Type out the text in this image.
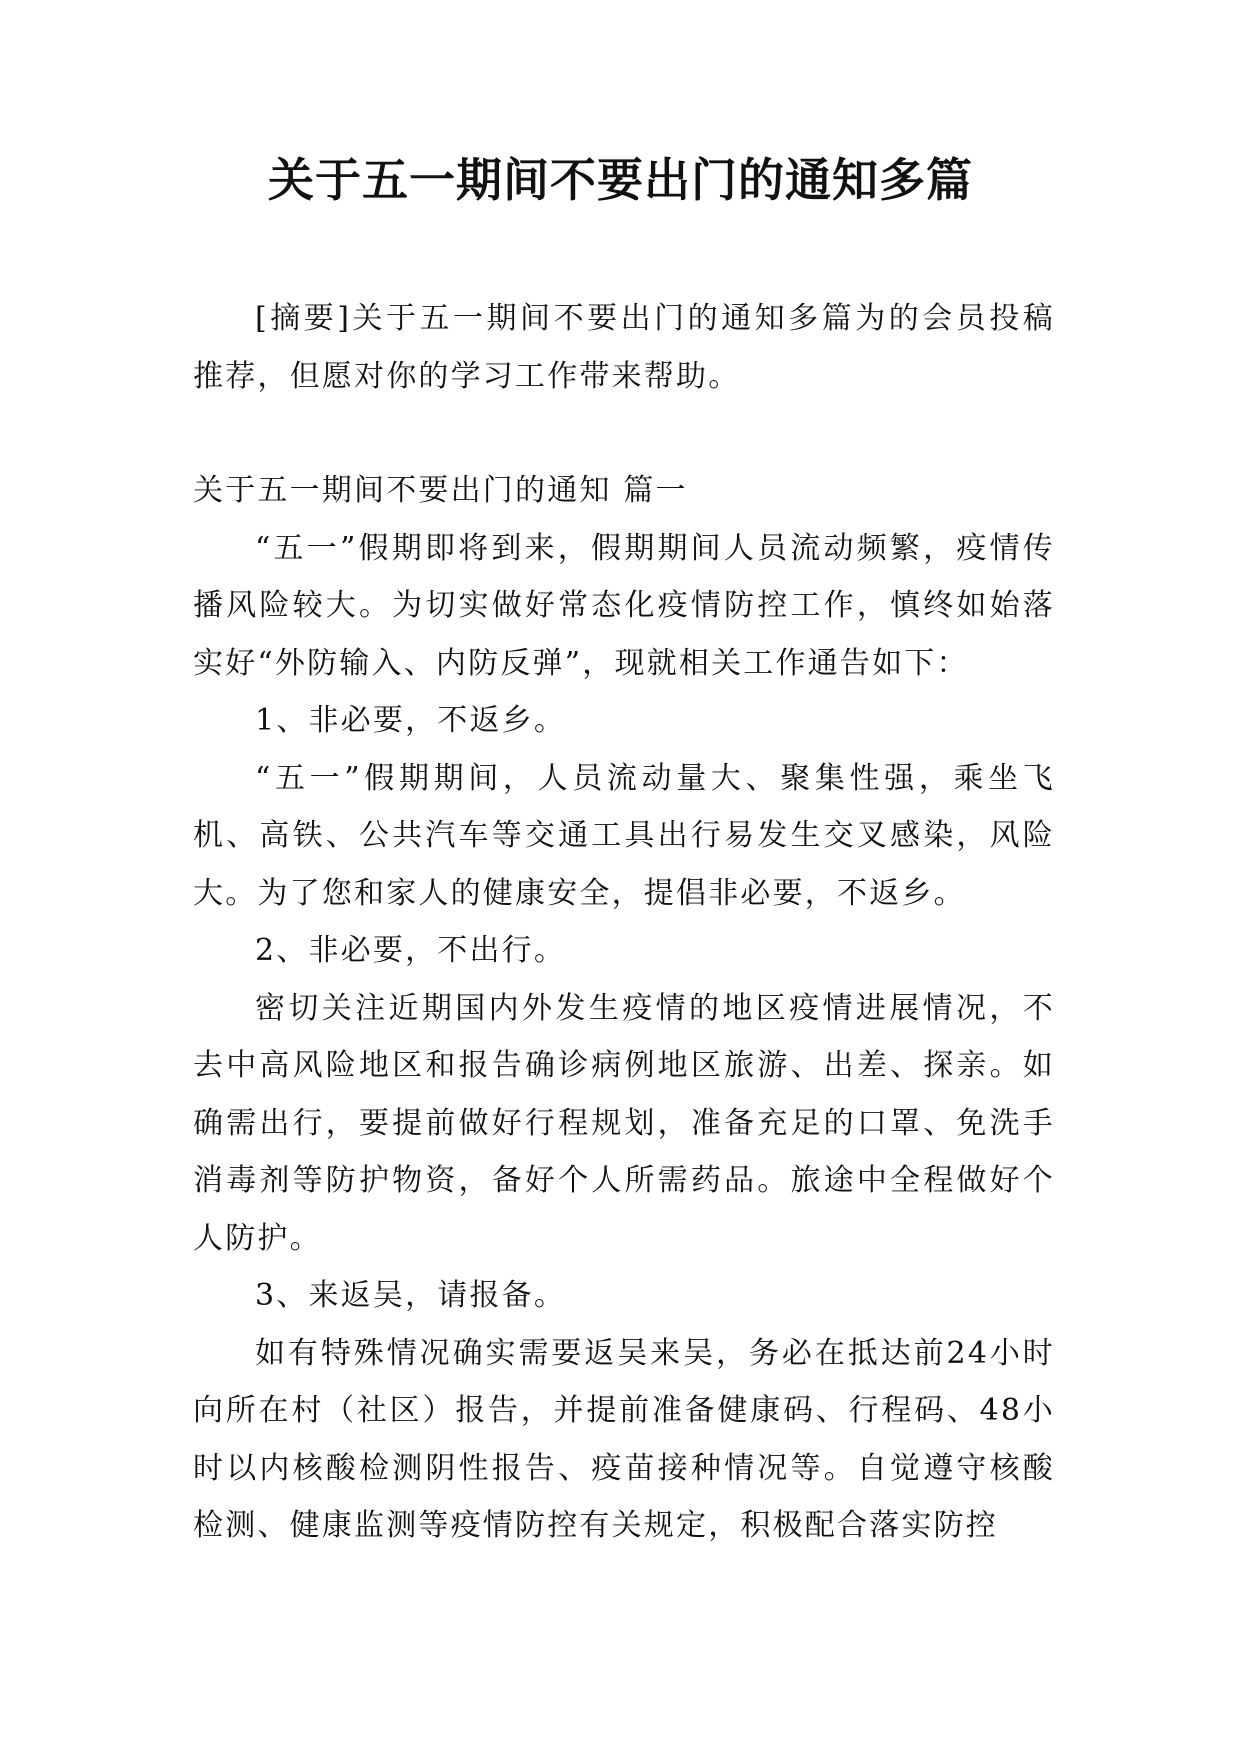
关于五一期间不要出门的通知多篇

[摘要]关于五一期间不要出门的通知多篇为的会员投稿推荐，但愿对你的学习工作带来帮助。

关于五一期间不要出门的通知 篇一

“五一”假期即将到来，假期期间人员流动频繁，疫情传播风险较大。为切实做好常态化疫情防控工作，慎终如始落实好“外防输入、内防反弹”，现就相关工作通告如下：

1、非必要，不返乡。

“五一”假期期间，人员流动量大、聚集性强，乘坐飞机、高铁、公共汽车等交通工具出行易发生交叉感染，风险大。为了您和家人的健康安全，提倡非必要，不返乡。

2、非必要，不出行。

密切关注近期国内外发生疫情的地区疫情进展情况，不去中高风险地区和报告确诊病例地区旅游、出差、探亲。如确需出行，要提前做好行程规划，准备充足的口罩、免洗手消毒剂等防护物资，备好个人所需药品。旅途中全程做好个人防护。

3、来返吴，请报备。

如有特殊情况确实需要返吴来吴，务必在抵达前24小时向所在村（社区）报告，并提前准备健康码、行程码、48小时以内核酸检测阴性报告、疫苗接种情况等。自觉遵守核酸检测、健康监测等疫情防控有关规定，积极配合落实防控
